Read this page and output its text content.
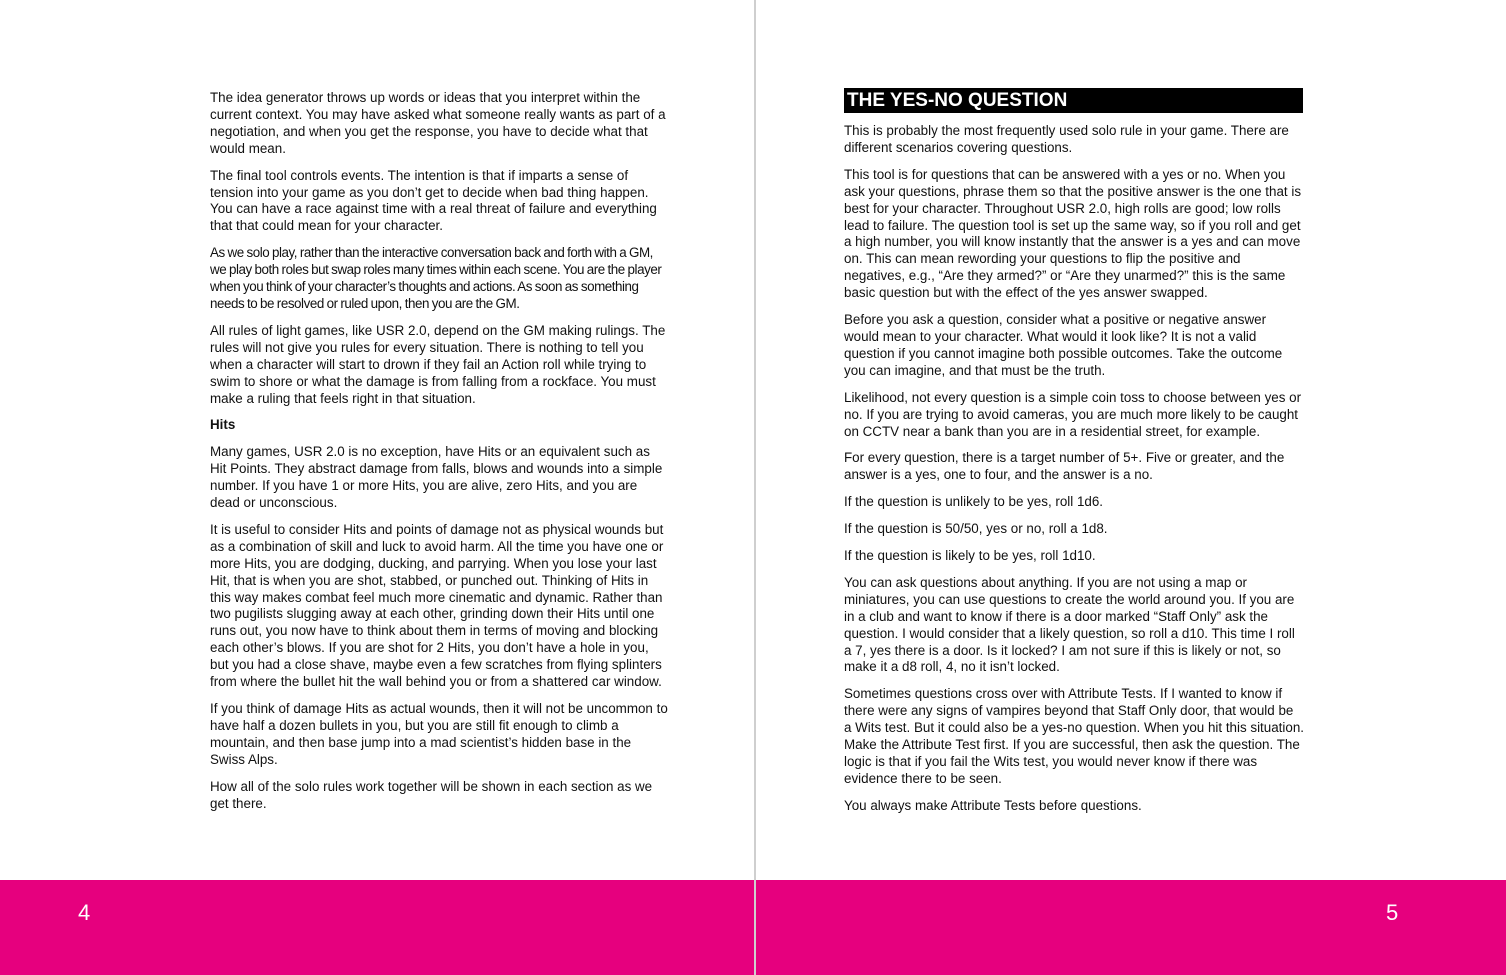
The idea generator throws up words or ideas that you interpret within the current context. You may have asked what someone really wants as part of a negotiation, and when you get the response, you have to decide what that would mean.

The final tool controls events. The intention is that if imparts a sense of tension into your game as you don’t get to decide when bad thing happen. You can have a race against time with a real threat of failure and everything that that could mean for your character.

As we solo play, rather than the interactive conversation back and forth with a GM, we play both roles but swap roles many times within each scene. You are the player when you think of your character’s thoughts and actions. As soon as something needs to be resolved or ruled upon, then you are the GM.

All rules of light games, like USR 2.0, depend on the GM making rulings. The rules will not give you rules for every situation. There is nothing to tell you when a character will start to drown if they fail an Action roll while trying to swim to shore or what the damage is from falling from a rockface. You must make a ruling that feels right in that situation.

Hits

Many games, USR 2.0 is no exception, have Hits or an equivalent such as Hit Points. They abstract damage from falls, blows and wounds into a simple number. If you have 1 or more Hits, you are alive, zero Hits, and you are dead or unconscious.

It is useful to consider Hits and points of damage not as physical wounds but as a combination of skill and luck to avoid harm. All the time you have one or more Hits, you are dodging, ducking, and parrying. When you lose your last Hit, that is when you are shot, stabbed, or punched out. Thinking of Hits in this way makes combat feel much more cinematic and dynamic. Rather than two pugilists slugging away at each other, grinding down their Hits until one runs out, you now have to think about them in terms of moving and blocking each other’s blows. If you are shot for 2 Hits, you don’t have a hole in you, but you had a close shave, maybe even a few scratches from flying splinters from where the bullet hit the wall behind you or from a shattered car window.

If you think of damage Hits as actual wounds, then it will not be uncommon to have half a dozen bullets in you, but you are still fit enough to climb a mountain, and then base jump into a mad scientist’s hidden base in the Swiss Alps.

How all of the solo rules work together will be shown in each section as we get there.

4
THE YES-NO QUESTION

This is probably the most frequently used solo rule in your game. There are different scenarios covering questions.

This tool is for questions that can be answered with a yes or no. When you ask your questions, phrase them so that the positive answer is the one that is best for your character. Throughout USR 2.0, high rolls are good; low rolls lead to failure. The question tool is set up the same way, so if you roll and get a high number, you will know instantly that the answer is a yes and can move on. This can mean rewording your questions to flip the positive and negatives, e.g., “Are they armed?” or “Are they unarmed?” this is the same basic question but with the effect of the yes answer swapped.

Before you ask a question, consider what a positive or negative answer would mean to your character. What would it look like? It is not a valid question if you cannot imagine both possible outcomes. Take the outcome you can imagine, and that must be the truth.

Likelihood, not every question is a simple coin toss to choose between yes or no. If you are trying to avoid cameras, you are much more likely to be caught on CCTV near a bank than you are in a residential street, for example.

For every question, there is a target number of 5+. Five or greater, and the answer is a yes, one to four, and the answer is a no.

If the question is unlikely to be yes, roll 1d6.

If the question is 50/50, yes or no, roll a 1d8.

If the question is likely to be yes, roll 1d10.

You can ask questions about anything. If you are not using a map or miniatures, you can use questions to create the world around you. If you are in a club and want to know if there is a door marked “Staff Only” ask the question. I would consider that a likely question, so roll a d10. This time I roll a 7, yes there is a door. Is it locked? I am not sure if this is likely or not, so make it a d8 roll, 4, no it isn’t locked.

Sometimes questions cross over with Attribute Tests. If I wanted to know if there were any signs of vampires beyond that Staff Only door, that would be a Wits test. But it could also be a yes-no question. When you hit this situation. Make the Attribute Test first. If you are successful, then ask the question. The logic is that if you fail the Wits test, you would never know if there was evidence there to be seen.

You always make Attribute Tests before questions.

5
